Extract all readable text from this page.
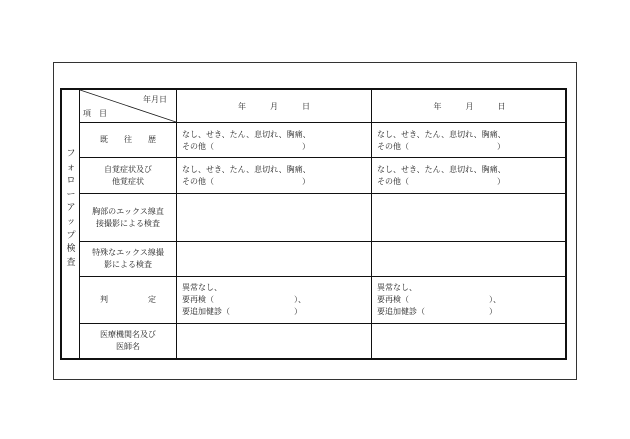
フォローアップ検査
年月日
項　目
年　　　月　　　日	年　　　月　　　日
既　　往　　歴
なし、せき、たん、息切れ、胸痛、
その他（　　　　　　　　　　　）
なし、せき、たん、息切れ、胸痛、
その他（　　　　　　　　　　　）
自覚症状及び
他覚症状
なし、せき、たん、息切れ、胸痛、
その他（　　　　　　　　　　　）
なし、せき、たん、息切れ、胸痛、
その他（　　　　　　　　　　　）
胸部のエックス線直
接撮影による検査
特殊なエックス線撮
影による検査
判　　　　　定
異常なし、
要再検（　　　　　　　　　　）、
要追加健診（　　　　　　　　）
異常なし、
要再検（　　　　　　　　　　）、
要追加健診（　　　　　　　　）
医療機関名及び
医師名
